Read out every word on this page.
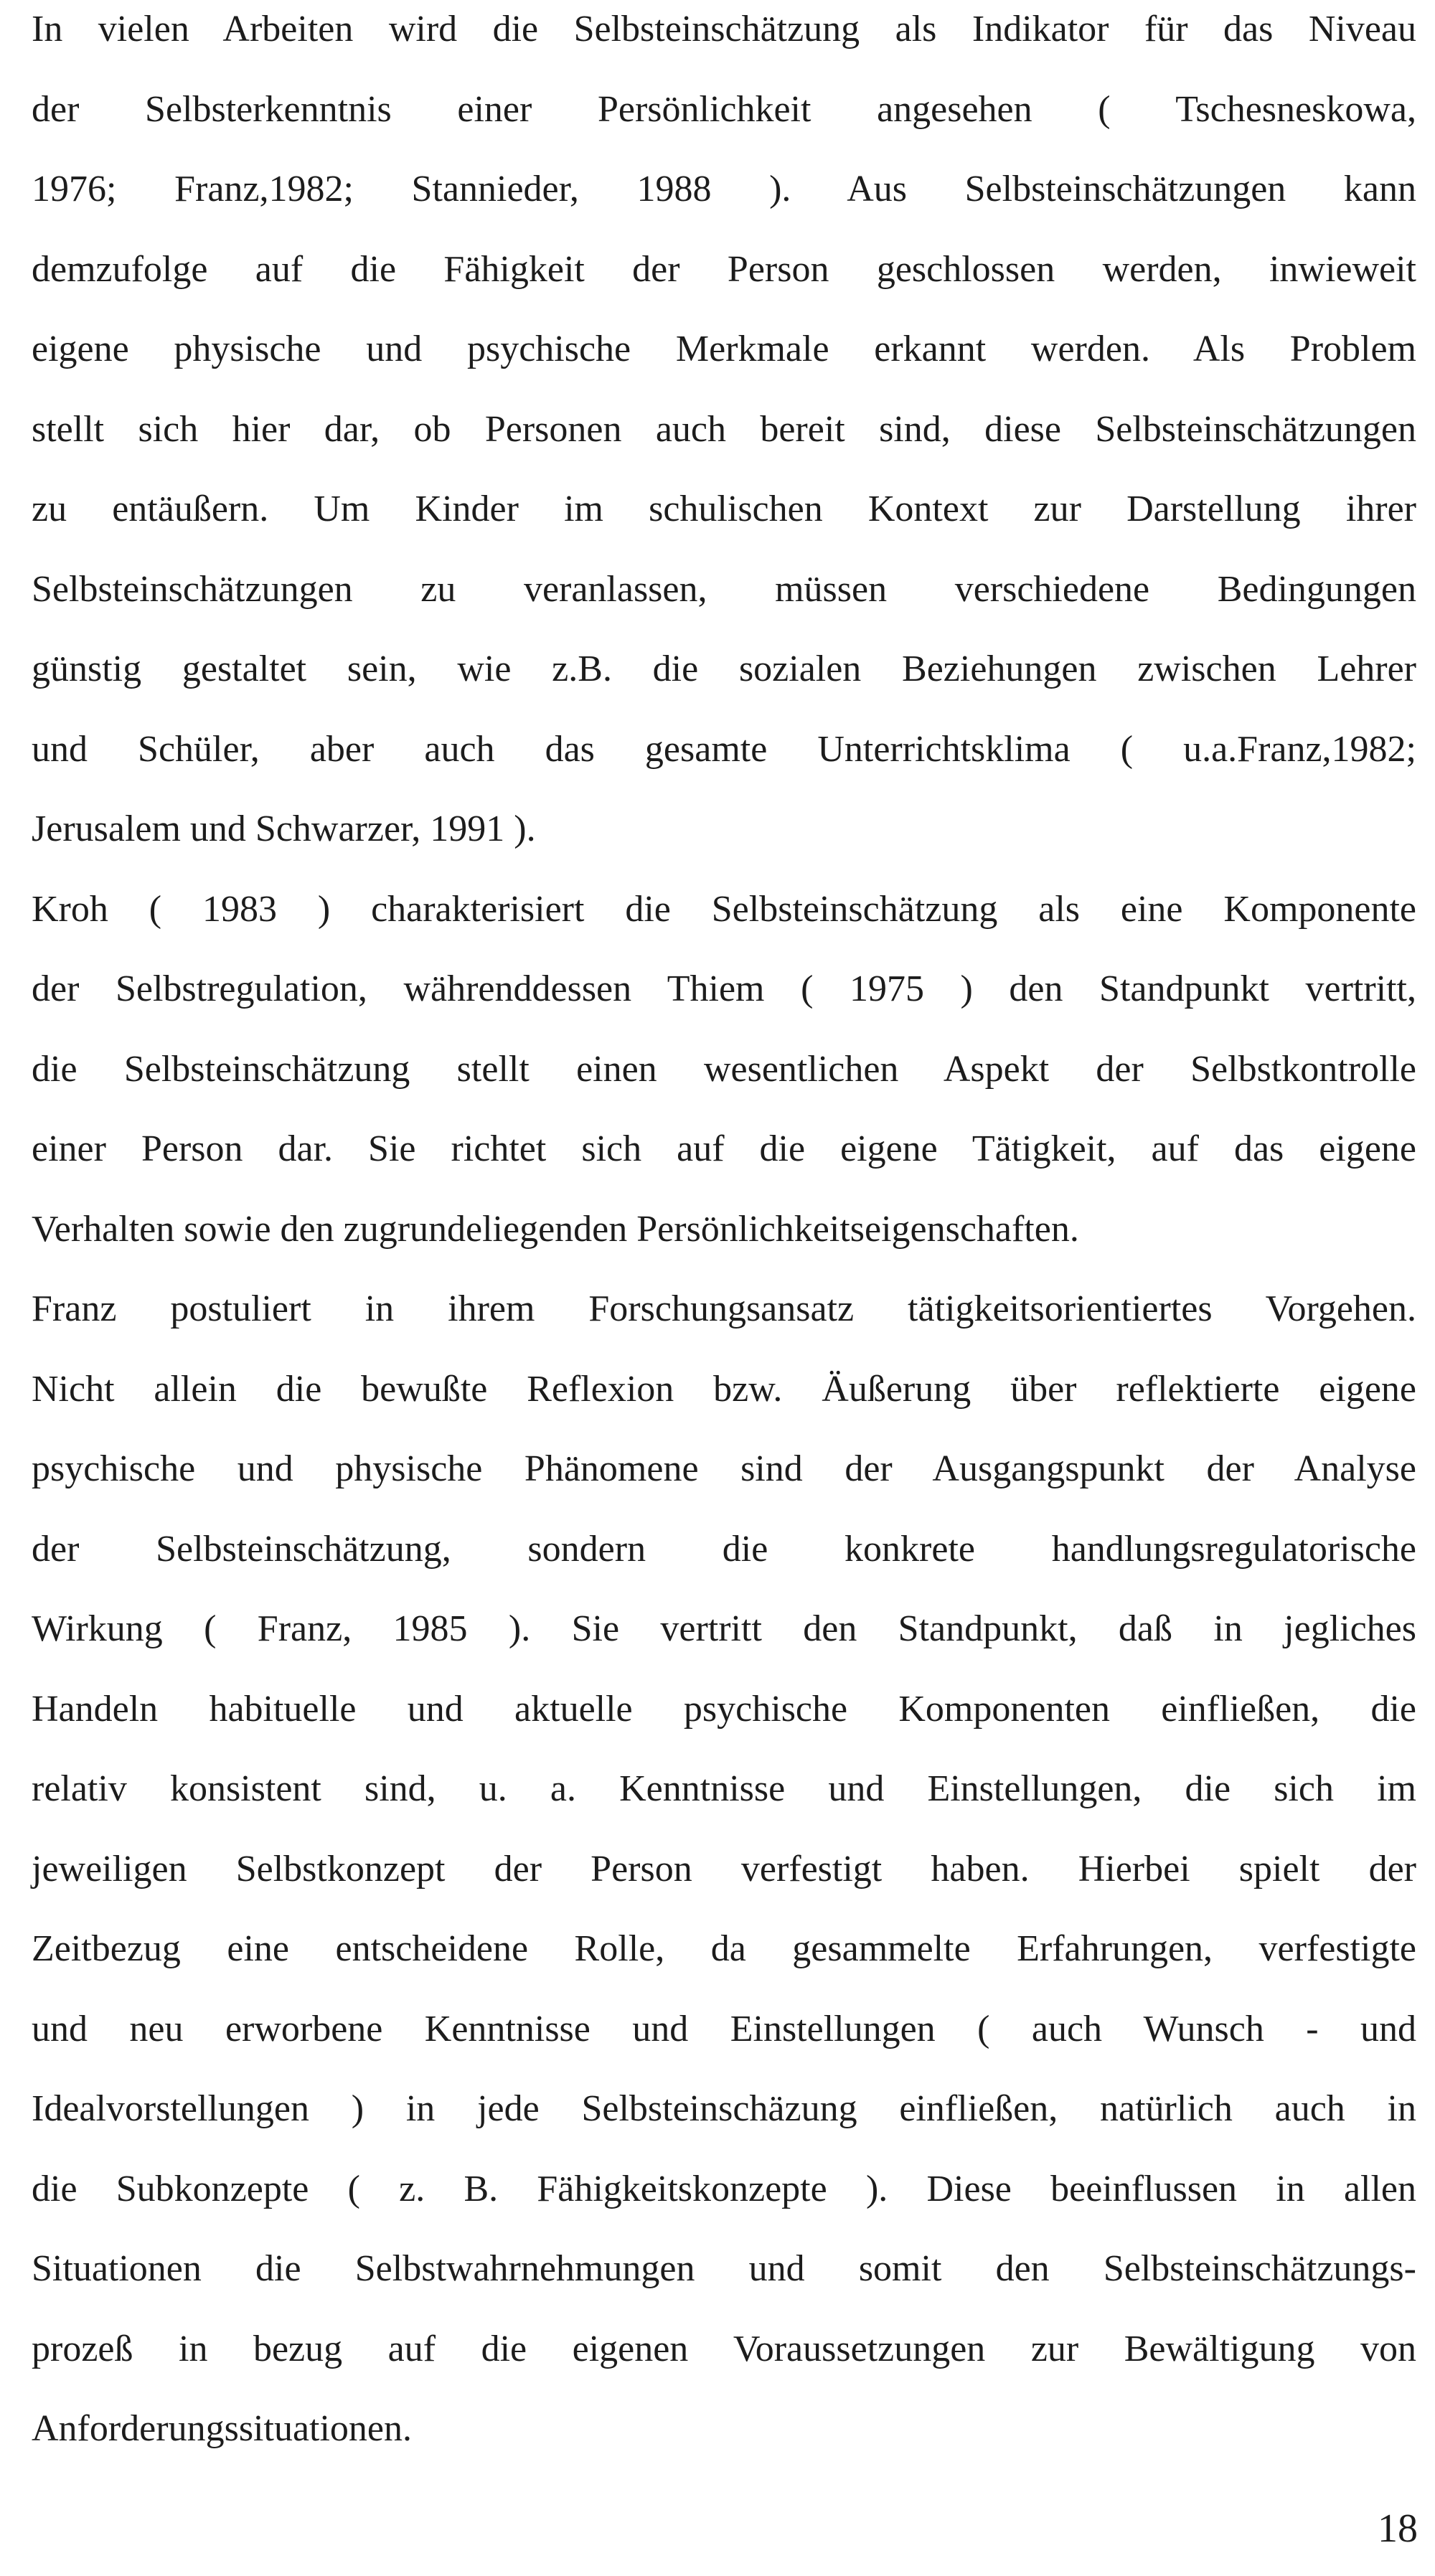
In vielen Arbeiten wird die Selbsteinschätzung als Indikator für das Niveau
der Selbsterkenntnis einer Persönlichkeit angesehen ( Tschesneskowa,
1976; Franz,1982; Stannieder, 1988 ). Aus Selbsteinschätzungen kann
demzufolge auf die Fähigkeit der Person geschlossen werden, inwieweit
eigene physische und psychische Merkmale erkannt werden. Als Problem
stellt sich hier dar, ob Personen auch bereit sind, diese Selbsteinschätzungen
zu entäußern. Um Kinder im schulischen Kontext zur Darstellung ihrer
Selbsteinschätzungen zu veranlassen, müssen verschiedene Bedingungen
günstig gestaltet sein, wie z.B. die sozialen Beziehungen zwischen Lehrer
und Schüler, aber auch das gesamte Unterrichtsklima ( u.a.Franz,1982;
Jerusalem und Schwarzer, 1991 ).
Kroh ( 1983 ) charakterisiert die Selbsteinschätzung als eine Komponente
der Selbstregulation, währenddessen Thiem ( 1975 ) den Standpunkt vertritt,
die Selbsteinschätzung stellt einen wesentlichen Aspekt der Selbstkontrolle
einer Person dar. Sie richtet sich auf die eigene Tätigkeit, auf das eigene
Verhalten sowie den zugrundeliegenden Persönlichkeitseigenschaften.
Franz postuliert in ihrem Forschungsansatz tätigkeitsorientiertes Vorgehen.
Nicht allein die bewußte Reflexion bzw. Äußerung über reflektierte eigene
psychische und physische Phänomene sind der Ausgangspunkt der Analyse
der Selbsteinschätzung, sondern die konkrete handlungsregulatorische
Wirkung ( Franz, 1985 ). Sie vertritt den Standpunkt, daß in jegliches
Handeln habituelle und aktuelle psychische Komponenten einfließen, die
relativ konsistent sind, u. a. Kenntnisse und Einstellungen, die sich im
jeweiligen Selbstkonzept der Person verfestigt haben. Hierbei spielt der
Zeitbezug eine entscheidene Rolle, da gesammelte Erfahrungen, verfestigte
und neu erworbene Kenntnisse und Einstellungen ( auch Wunsch - und
Idealvorstellungen ) in jede Selbsteinschäzung einfließen, natürlich auch in
die Subkonzepte ( z. B. Fähigkeitskonzepte ). Diese beeinflussen in allen
Situationen die Selbstwahrnehmungen und somit den Selbsteinschätzungs-
prozeß in bezug auf die eigenen Voraussetzungen zur Bewältigung von
Anforderungssituationen.
18
